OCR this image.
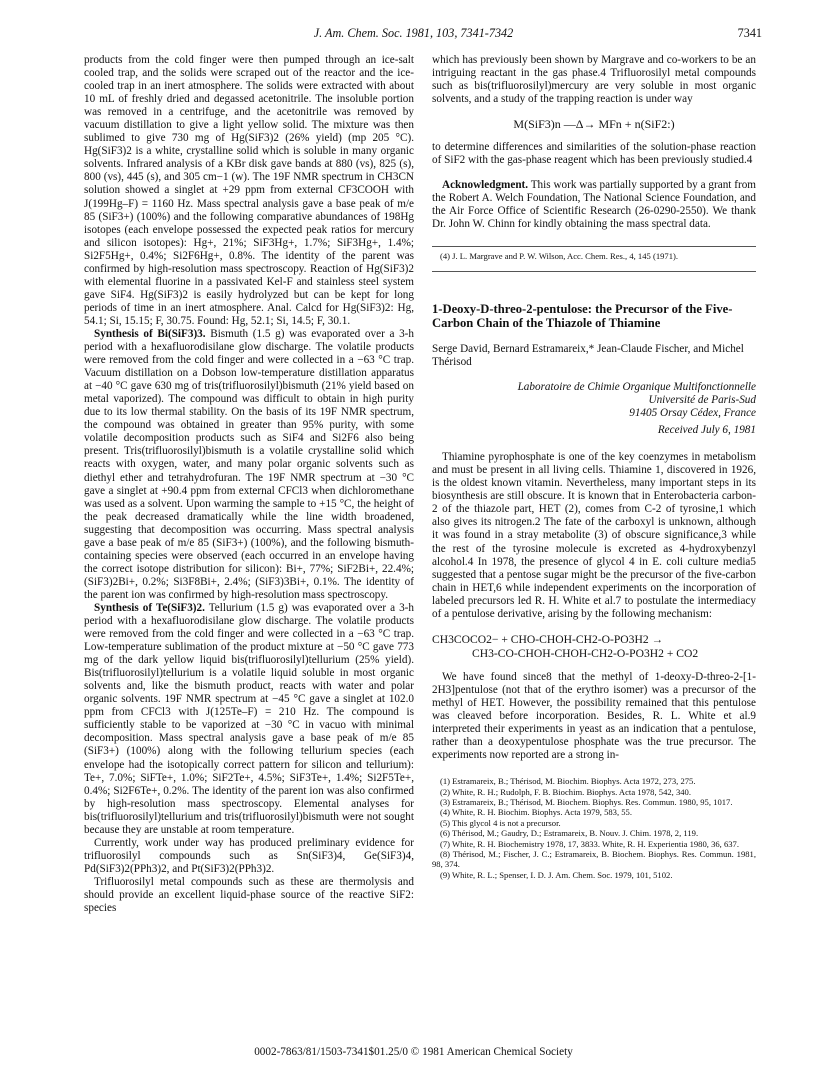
J. Am. Chem. Soc. 1981, 103, 7341-7342	7341

products from the cold finger were then pumped through an ice-salt cooled trap, and the solids were scraped out of the reactor and the ice-cooled trap in an inert atmosphere. The solids were extracted with about 10 mL of freshly dried and degassed acetonitrile. The insoluble portion was removed in a centrifuge, and the acetonitrile was removed by vacuum distillation to give a light yellow solid. The mixture was then sublimed to give 730 mg of Hg(SiF3)2 (26% yield) (mp 205 °C). Hg(SiF3)2 is a white, crystalline solid which is soluble in many organic solvents. Infrared analysis of a KBr disk gave bands at 880 (vs), 825 (s), 800 (vs), 445 (s), and 305 cm−1 (w). The 19F NMR spectrum in CH3CN solution showed a singlet at +29 ppm from external CF3COOH with J(199Hg–F) = 1160 Hz. Mass spectral analysis gave a base peak of m/e 85 (SiF3+) (100%) and the following comparative abundances of 198Hg isotopes (each envelope possessed the expected peak ratios for mercury and silicon isotopes): Hg+, 21%; SiF3Hg+, 1.7%; SiF3Hg+, 1.4%; Si2F5Hg+, 0.4%; Si2F6Hg+, 0.8%. The identity of the parent was confirmed by high-resolution mass spectroscopy. Reaction of Hg(SiF3)2 with elemental fluorine in a passivated Kel-F and stainless steel system gave SiF4. Hg(SiF3)2 is easily hydrolyzed but can be kept for long periods of time in an inert atmosphere. Anal. Calcd for Hg(SiF3)2: Hg, 54.1; Si, 15.15; F, 30.75. Found: Hg, 52.1; Si, 14.5; F, 30.1.

Synthesis of Bi(SiF3)3. Bismuth (1.5 g) was evaporated over a 3-h period with a hexafluorodisilane glow discharge. The volatile products were removed from the cold finger and were collected in a −63 °C trap. Vacuum distillation on a Dobson low-temperature distillation apparatus at −40 °C gave 630 mg of tris(trifluorosilyl)bismuth (21% yield based on metal vaporized). The compound was difficult to obtain in high purity due to its low thermal stability. On the basis of its 19F NMR spectrum, the compound was obtained in greater than 95% purity, with some volatile decomposition products such as SiF4 and Si2F6 also being present. Tris(trifluorosilyl)bismuth is a volatile crystalline solid which reacts with oxygen, water, and many polar organic solvents such as diethyl ether and tetrahydrofuran. The 19F NMR spectrum at −30 °C gave a singlet at +90.4 ppm from external CFCl3 when dichloromethane was used as a solvent. Upon warming the sample to +15 °C, the height of the peak decreased dramatically while the line width broadened, suggesting that decomposition was occurring. Mass spectral analysis gave a base peak of m/e 85 (SiF3+) (100%), and the following bismuth-containing species were observed (each occurred in an envelope having the correct isotope distribution for silicon): Bi+, 77%; SiF2Bi+, 22.4%; (SiF3)2Bi+, 0.2%; Si3F8Bi+, 2.4%; (SiF3)3Bi+, 0.1%. The identity of the parent ion was confirmed by high-resolution mass spectroscopy.

Synthesis of Te(SiF3)2. Tellurium (1.5 g) was evaporated over a 3-h period with a hexafluorodisilane glow discharge. The volatile products were removed from the cold finger and were collected in a −63 °C trap. Low-temperature sublimation of the product mixture at −50 °C gave 773 mg of the dark yellow liquid bis(trifluorosilyl)tellurium (25% yield). Bis(trifluorosilyl)tellurium is a volatile liquid soluble in most organic solvents and, like the bismuth product, reacts with water and polar organic solvents. 19F NMR spectrum at −45 °C gave a singlet at 102.0 ppm from CFCl3 with J(125Te–F) = 210 Hz. The compound is sufficiently stable to be vaporized at −30 °C in vacuo with minimal decomposition. Mass spectral analysis gave a base peak of m/e 85 (SiF3+) (100%) along with the following tellurium species (each envelope had the isotopically correct pattern for silicon and tellurium): Te+, 7.0%; SiFTe+, 1.0%; SiF2Te+, 4.5%; SiF3Te+, 1.4%; Si2F5Te+, 0.4%; Si2F6Te+, 0.2%. The identity of the parent ion was also confirmed by high-resolution mass spectroscopy. Elemental analyses for bis(trifluorosilyl)tellurium and tris(trifluorosilyl)bismuth were not sought because they are unstable at room temperature.

Currently, work under way has produced preliminary evidence for trifluorosilyl compounds such as Sn(SiF3)4, Ge(SiF3)4, Pd(SiF3)2(PPh3)2, and Pt(SiF3)2(PPh3)2.

Trifluorosilyl metal compounds such as these are thermolysis and should provide an excellent liquid-phase source of the reactive SiF2: species

which has previously been shown by Margrave and co-workers to be an intriguing reactant in the gas phase.4 Trifluorosilyl metal compounds such as bis(trifluorosilyl)mercury are very soluble in most organic solvents, and a study of the trapping reaction is under way

M(SiF3)n —Δ→ MFn + n(SiF2:)

to determine differences and similarities of the solution-phase reaction of SiF2 with the gas-phase reagent which has been previously studied.4

Acknowledgment. This work was partially supported by a grant from the Robert A. Welch Foundation, The National Science Foundation, and the Air Force Office of Scientific Research (26-0290-2550). We thank Dr. John W. Chinn for kindly obtaining the mass spectral data.

(4) J. L. Margrave and P. W. Wilson, Acc. Chem. Res., 4, 145 (1971).

1-Deoxy-D-threo-2-pentulose: the Precursor of the Five-Carbon Chain of the Thiazole of Thiamine
Serge David, Bernard Estramareix,* Jean-Claude Fischer, and Michel Thérisod
Laboratoire de Chimie Organique Multifonctionnelle
Université de Paris-Sud
91405 Orsay Cédex, France
Received July 6, 1981

Thiamine pyrophosphate is one of the key coenzymes in metabolism and must be present in all living cells. Thiamine 1, discovered in 1926, is the oldest known vitamin. Nevertheless, many important steps in its biosynthesis are still obscure. It is known that in Enterobacteria carbon-2 of the thiazole part, HET (2), comes from C-2 of tyrosine,1 which also gives its nitrogen.2 The fate of the carboxyl is unknown, although it was found in a stray metabolite (3) of obscure significance,3 while the rest of the tyrosine molecule is excreted as 4-hydroxybenzyl alcohol.4 In 1978, the presence of glycol 4 in E. coli culture media5 suggested that a pentose sugar might be the precursor of the five-carbon chain in HET,6 while independent experiments on the incorporation of labeled precursors led R. H. White et al.7 to postulate the intermediacy of a pentulose derivative, arising by the following mechanism:

CH3COCO2− + CHO-CHOH-CH2-O-PO3H2 →
CH3-CO-CHOH-CHOH-CH2-O-PO3H2 + CO2

We have found since8 that the methyl of 1-deoxy-D-threo-2-[1-2H3]pentulose (not that of the erythro isomer) was a precursor of the methyl of HET. However, the possibility remained that this pentulose was cleaved before incorporation. Besides, R. L. White et al.9 interpreted their experiments in yeast as an indication that a pentulose, rather than a deoxypentulose phosphate was the true precursor. The experiments now reported are a strong in-

(1) Estramareix, B.; Thérisod, M. Biochim. Biophys. Acta 1972, 273, 275.

(2) White, R. H.; Rudolph, F. B. Biochim. Biophys. Acta 1978, 542, 340.

(3) Estramareix, B.; Thérisod, M. Biochem. Biophys. Res. Commun. 1980, 95, 1017.

(4) White, R. H. Biochim. Biophys. Acta 1979, 583, 55.

(5) This glycol 4 is not a precursor.

(6) Thérisod, M.; Gaudry, D.; Estramareix, B. Nouv. J. Chim. 1978, 2, 119.

(7) White, R. H. Biochemistry 1978, 17, 3833. White, R. H. Experientia 1980, 36, 637.

(8) Thérisod, M.; Fischer, J. C.; Estramareix, B. Biochem. Biophys. Res. Commun. 1981, 98, 374.

(9) White, R. L.; Spenser, I. D. J. Am. Chem. Soc. 1979, 101, 5102.

0002-7863/81/1503-7341$01.25/0 © 1981 American Chemical Society
